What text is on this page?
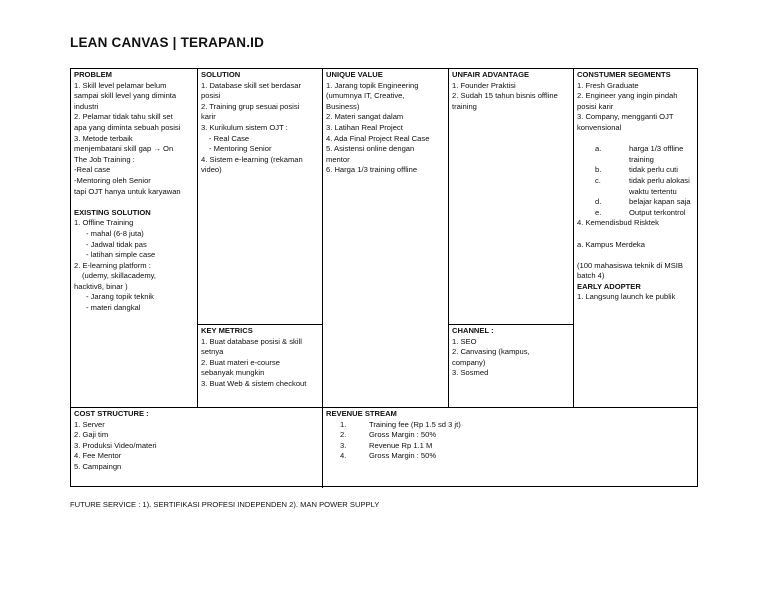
LEAN CANVAS | TERAPAN.ID
PROBLEM
1. Skill level pelamar belum
sampai skill level yang diminta
industri
2. Pelamar tidak tahu skill set
apa yang diminta sebuah posisi
3. Metode terbaik
menjembatani skill gap → On
The Job Training :
-Real case
-Mentoring oleh Senior
tapi OJT hanya untuk karyawan
EXISTING SOLUTION
1. Offline Training
- mahal (6-8 juta)
- Jadwal tidak pas
- latihan simple case
2. E-learning platform :
(udemy, skillacademy,
hacktiv8, binar )
- Jarang topik teknik
- materi dangkal
SOLUTION
1. Database skill set berdasar
posisi
2. Training grup sesuai posisi
karir
3. Kurikulum sistem OJT :
- Real Case
- Mentoring Senior
4. Sistem e-learning (rekaman
video)
KEY METRICS
1. Buat database posisi & skill
setnya
2. Buat materi e-course
sebanyak mungkin
3. Buat Web & sistem checkout
UNIQUE VALUE
1. Jarang topik Engineering
(umumnya IT, Creative,
Business)
2. Materi sangat dalam
3. Latihan Real Project
4. Ada Final Project Real Case
5. Asistensi online dengan
mentor
6. Harga 1/3 training offline
UNFAIR ADVANTAGE
1. Founder Praktisi
2. Sudah 15 tahun bisnis offline
training
CHANNEL :
1. SEO
2. Canvasing (kampus,
company)
3. Sosmed
CONSTUMER SEGMENTS
1. Fresh Graduate
2. Engineer yang ingin pindah
posisi karir
3. Company, mengganti OJT
konvensional
a.	harga 1/3 offline training
b.	tidak perlu cuti
c.	tidak perlu alokasi waktu tertentu
d.	belajar kapan saja
e.	Output terkontrol
4. Kemendisbud Risktek
a. Kampus Merdeka
(100 mahasiswa teknik di MSIB batch 4)
EARLY ADOPTER
1. Langsung launch ke publik
COST STRUCTURE :
1. Server
2. Gaji tim
3. Produksi Video/materi
4. Fee Mentor
5. Campaingn
REVENUE STREAM
1.	Training fee (Rp 1.5 sd 3 jt)
2.	Gross Margin : 50%
3.	Revenue Rp 1.1 M
4.	Gross Margin : 50%
FUTURE SERVICE : 1). SERTIFIKASI PROFESI INDEPENDEN 2). MAN POWER SUPPLY
